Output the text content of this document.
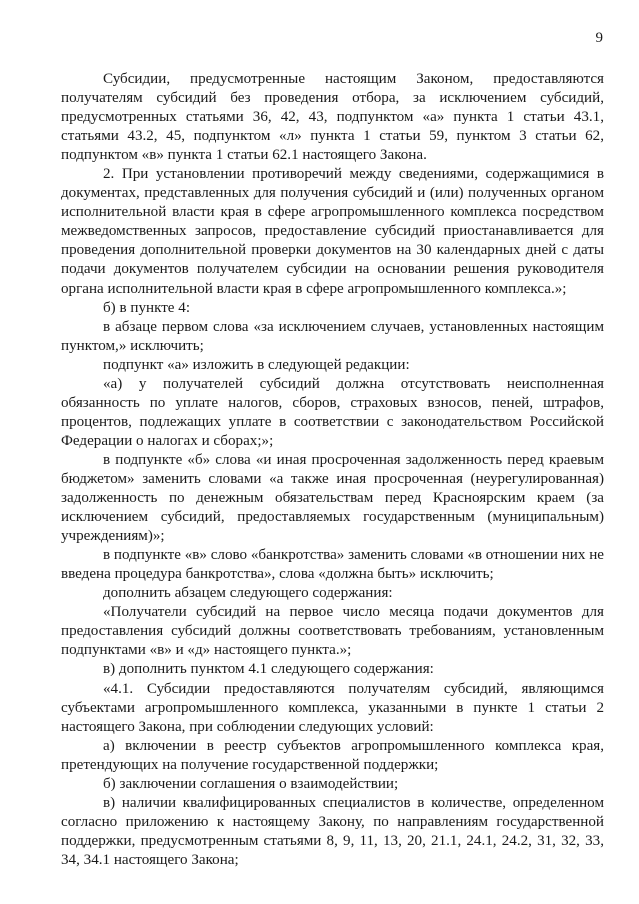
9

Субсидии, предусмотренные настоящим Законом, предоставляются получателям субсидий без проведения отбора, за исключением субсидий, предусмотренных статьями 36, 42, 43, подпунктом «а» пункта 1 статьи 43.1, статьями 43.2, 45, подпунктом «л» пункта 1 статьи 59, пунктом 3 статьи 62, подпунктом «в» пункта 1 статьи 62.1 настоящего Закона.

2. При установлении противоречий между сведениями, содержащимися в документах, представленных для получения субсидий и (или) полученных органом исполнительной власти края в сфере агропромышленного комплекса посредством межведомственных запросов, предоставление субсидий приостанавливается для проведения дополнительной проверки документов на 30 календарных дней с даты подачи документов получателем субсидии на основании решения руководителя органа исполнительной власти края в сфере агропромышленного комплекса.»;

б) в пункте 4:

в абзаце первом слова «за исключением случаев, установленных настоящим пунктом,» исключить;

подпункт «а» изложить в следующей редакции:

«а) у получателей субсидий должна отсутствовать неисполненная обязанность по уплате налогов, сборов, страховых взносов, пеней, штрафов, процентов, подлежащих уплате в соответствии с законодательством Российской Федерации о налогах и сборах;»;

в подпункте «б» слова «и иная просроченная задолженность перед краевым бюджетом» заменить словами «а также иная просроченная (неурегулированная) задолженность по денежным обязательствам перед Красноярским краем (за исключением субсидий, предоставляемых государственным (муниципальным) учреждениям)»;

в подпункте «в» слово «банкротства» заменить словами «в отношении них не введена процедура банкротства», слова «должна быть» исключить;

дополнить абзацем следующего содержания:

«Получатели субсидий на первое число месяца подачи документов для предоставления субсидий должны соответствовать требованиям, установленным подпунктами «в» и «д» настоящего пункта.»;

в) дополнить пунктом 4.1 следующего содержания:

«4.1. Субсидии предоставляются получателям субсидий, являющимся субъектами агропромышленного комплекса, указанными в пункте 1 статьи 2 настоящего Закона, при соблюдении следующих условий:

а) включении в реестр субъектов агропромышленного комплекса края, претендующих на получение государственной поддержки;

б) заключении соглашения о взаимодействии;

в) наличии квалифицированных специалистов в количестве, определенном согласно приложению к настоящему Закону, по направлениям государственной поддержки, предусмотренным статьями 8, 9, 11, 13, 20, 21.1, 24.1, 24.2, 31, 32, 33, 34, 34.1 настоящего Закона;
